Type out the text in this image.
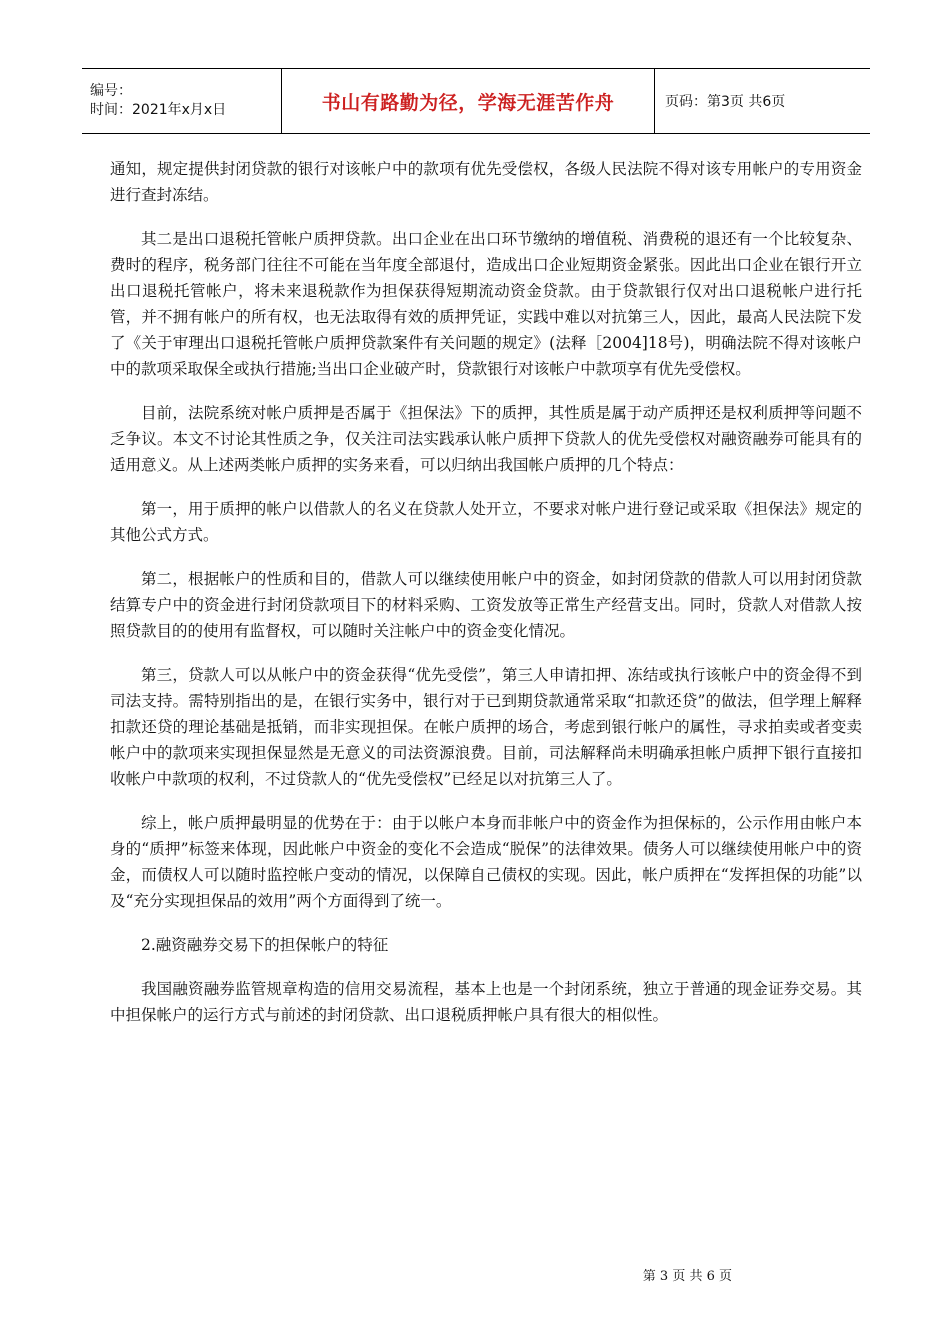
编号：
时间：2021年x月x日	书山有路勤为径，学海无涯苦作舟	页码：第3页 共6页

通知，规定提供封闭贷款的银行对该帐户中的款项有优先受偿权，各级人民法院不得对该专用帐户的专用资金进行查封冻结。

其二是出口退税托管帐户质押贷款。出口企业在出口环节缴纳的增值税、消费税的退还有一个比较复杂、费时的程序，税务部门往往不可能在当年度全部退付，造成出口企业短期资金紧张。因此出口企业在银行开立出口退税托管帐户，将未来退税款作为担保获得短期流动资金贷款。由于贷款银行仅对出口退税帐户进行托管，并不拥有帐户的所有权，也无法取得有效的质押凭证，实践中难以对抗第三人，因此，最高人民法院下发了《关于审理出口退税托管帐户质押贷款案件有关问题的规定》(法释［2004]18号)，明确法院不得对该帐户中的款项采取保全或执行措施;当出口企业破产时，贷款银行对该帐户中款项享有优先受偿权。

目前，法院系统对帐户质押是否属于《担保法》下的质押，其性质是属于动产质押还是权利质押等问题不乏争议。本文不讨论其性质之争，仅关注司法实践承认帐户质押下贷款人的优先受偿权对融资融券可能具有的适用意义。从上述两类帐户质押的实务来看，可以归纳出我国帐户质押的几个特点：

第一，用于质押的帐户以借款人的名义在贷款人处开立，不要求对帐户进行登记或采取《担保法》规定的其他公式方式。

第二，根据帐户的性质和目的，借款人可以继续使用帐户中的资金，如封闭贷款的借款人可以用封闭贷款结算专户中的资金进行封闭贷款项目下的材料采购、工资发放等正常生产经营支出。同时，贷款人对借款人按照贷款目的的使用有监督权，可以随时关注帐户中的资金变化情况。

第三，贷款人可以从帐户中的资金获得“优先受偿”，第三人申请扣押、冻结或执行该帐户中的资金得不到司法支持。需特别指出的是，在银行实务中，银行对于已到期贷款通常采取“扣款还贷”的做法，但学理上解释扣款还贷的理论基础是抵销，而非实现担保。在帐户质押的场合，考虑到银行帐户的属性，寻求拍卖或者变卖帐户中的款项来实现担保显然是无意义的司法资源浪费。目前，司法解释尚未明确承担帐户质押下银行直接扣收帐户中款项的权利，不过贷款人的“优先受偿权”已经足以对抗第三人了。

综上，帐户质押最明显的优势在于：由于以帐户本身而非帐户中的资金作为担保标的，公示作用由帐户本身的“质押”标签来体现，因此帐户中资金的变化不会造成“脱保”的法律效果。债务人可以继续使用帐户中的资金，而债权人可以随时监控帐户变动的情况，以保障自己债权的实现。因此，帐户质押在“发挥担保的功能”以及“充分实现担保品的效用”两个方面得到了统一。

2.融资融券交易下的担保帐户的特征

我国融资融券监管规章构造的信用交易流程，基本上也是一个封闭系统，独立于普通的现金证券交易。其中担保帐户的运行方式与前述的封闭贷款、出口退税质押帐户具有很大的相似性。

第 3 页 共 6 页
